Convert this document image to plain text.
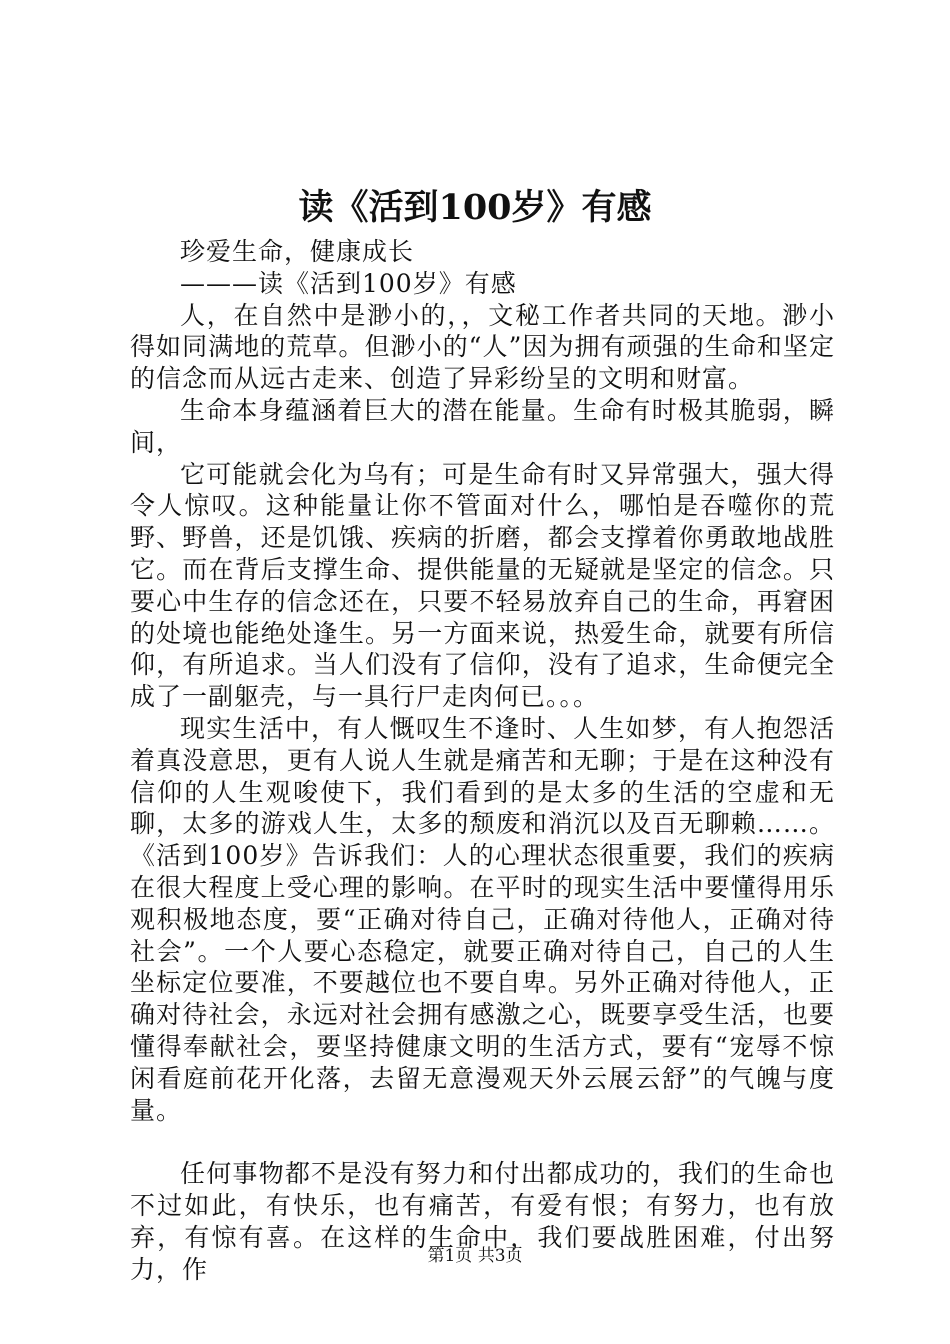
读《活到100岁》有感

珍爱生命，健康成长

———读《活到100岁》有感

人，在自然中是渺小的，，文秘工作者共同的天地。渺小得如同满地的荒草。但渺小的“人”因为拥有顽强的生命和坚定的信念而从远古走来、创造了异彩纷呈的文明和财富。

生命本身蕴涵着巨大的潜在能量。生命有时极其脆弱，瞬间，

它可能就会化为乌有；可是生命有时又异常强大，强大得令人惊叹。这种能量让你不管面对什么，哪怕是吞噬你的荒野、野兽，还是饥饿、疾病的折磨，都会支撑着你勇敢地战胜它。而在背后支撑生命、提供能量的无疑就是坚定的信念。只要心中生存的信念还在，只要不轻易放弃自己的生命，再窘困的处境也能绝处逢生。另一方面来说，热爱生命，就要有所信仰，有所追求。当人们没有了信仰，没有了追求，生命便完全成了一副躯壳，与一具行尸走肉何已。。。

现实生活中，有人慨叹生不逢时、人生如梦，有人抱怨活着真没意思，更有人说人生就是痛苦和无聊；于是在这种没有信仰的人生观唆使下，我们看到的是太多的生活的空虚和无聊，太多的游戏人生，太多的颓废和消沉以及百无聊赖……。《活到100岁》告诉我们：人的心理状态很重要，我们的疾病在很大程度上受心理的影响。在平时的现实生活中要懂得用乐观积极地态度，要“正确对待自己，正确对待他人，正确对待社会”。一个人要心态稳定，就要正确对待自己，自己的人生坐标定位要准，不要越位也不要自卑。另外正确对待他人，正确对待社会，永远对社会拥有感激之心，既要享受生活，也要懂得奉献社会，要坚持健康文明的生活方式，要有“宠辱不惊闲看庭前花开化落，去留无意漫观天外云展云舒”的气魄与度量。

任何事物都不是没有努力和付出都成功的，我们的生命也不过如此，有快乐，也有痛苦，有爱有恨；有努力，也有放弃，有惊有喜。在这样的生命中，我们要战胜困难，付出努力，作	第1页 共3页
